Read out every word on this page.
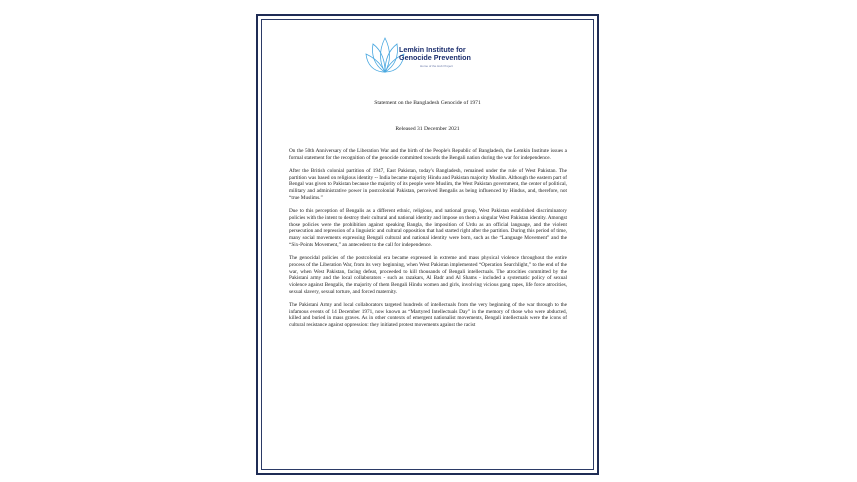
Lemkin Institute for
Genocide Prevention
Home of the Hub Project
Statement on the Bangladesh Genocide of 1971
Released 31 December 2021

On the 50th Anniversary of the Liberation War and the birth of the People's Republic of Bangladesh, the Lemkin Institute issues a formal statement for the recognition of the genocide committed towards the Bengali nation during the war for independence.

After the British colonial partition of 1947, East Pakistan, today's Bangladesh, remained under the rule of West Pakistan. The partition was based on religious identity -- India became majority Hindu and Pakistan majority Muslim. Although the eastern part of Bengal was given to Pakistan because the majority of its people were Muslim, the West Pakistan government, the center of political, military and administrative power in postcolonial Pakistan, perceived Bengalis as being influenced by Hindus, and, therefore, not “true Muslims.”

Due to this perception of Bengalis as a different ethnic, religious, and national group, West Pakistan established discriminatory policies with the intent to destroy their cultural and national identity and impose on them a singular West Pakistan identity. Amongst those policies were the prohibition against speaking Bangla, the imposition of Urdu as an official language, and the violent persecution and repression of a linguistic and cultural opposition that had started right after the partition. During this period of time, many social movements expressing Bengali cultural and national identity were born, such as the “Language Movement” and the “Six-Points Movement,” an antecedent to the call for independence.

The genocidal policies of the postcolonial era became expressed in extreme and mass physical violence throughout the entire process of the Liberation War, from its very beginning, when West Pakistan implemented “Operation Searchlight,” to the end of the war, when West Pakistan, facing defeat, proceeded to kill thousands of Bengali intellectuals. The atrocities committed by the Pakistani army and the local collaborators - such as razakars, Al Badr and Al Shams - included a systematic policy of sexual violence against Bengalis, the majority of them Bengali Hindu women and girls, involving vicious gang rapes, life force atrocities, sexual slavery, sexual torture, and forced maternity.

The Pakistani Army and local collaborators targeted hundreds of intellectuals from the very beginning of the war through to the infamous events of 14 December 1971, now known as “Martyred Intellectuals Day” in the memory of those who were abducted, killed and buried in mass graves. As in other contexts of emergent nationalist movements, Bengali intellectuals were the icons of cultural resistance against oppression: they initiated protest movements against the racist
